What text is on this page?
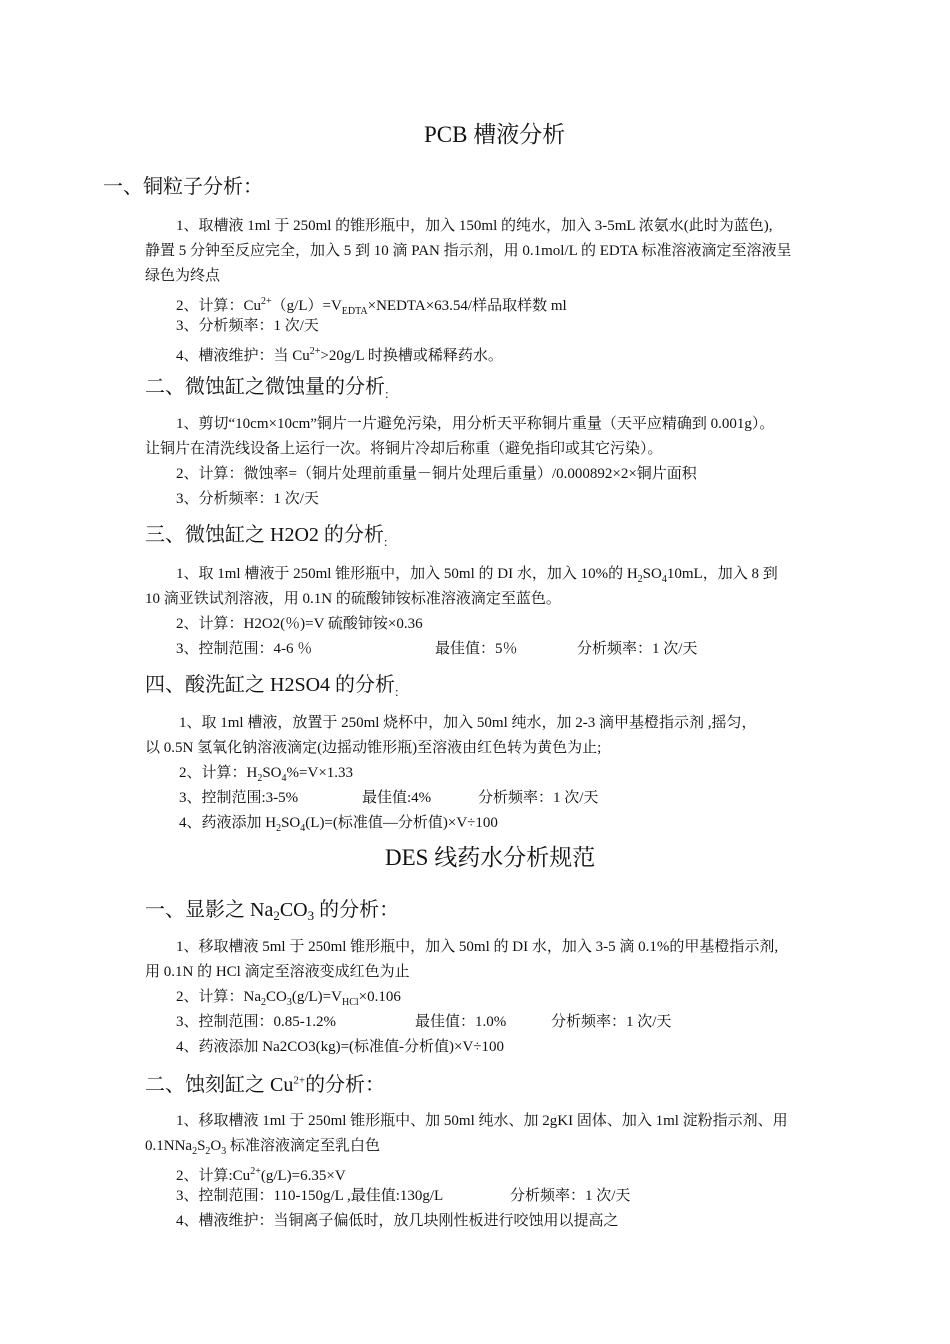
PCB 槽液分析
一、铜粒子分析：
1、取槽液 1ml 于 250ml 的锥形瓶中，加入 150ml 的纯水，加入 3-5mL 浓氨水(此时为蓝色),
静置 5 分钟至反应完全，加入 5 到 10 滴 PAN 指示剂，用 0.1mol/L 的 EDTA 标准溶液滴定至溶液呈
绿色为终点
2、计算：$Cu^{2+}(g/L)=V_{EDTA}\times NEDTA\times 63.54/$样品取样数 ml
3、分析频率：1 次/天
4、槽液维护：当 $Cu^{2+}>20g/L$ 时换槽或稀释药水。
二、微蚀缸之微蚀量的分析$_:$
1、剪切“10cm×10cm”铜片一片避免污染，用分析天平称铜片重量（天平应精确到 0.001g）。
让铜片在清洗线设备上运行一次。将铜片冷却后称重（避免指印或其它污染）。
2、计算：微蚀率=（铜片处理前重量－铜片处理后重量）/0.000892×2×铜片面积
3、分析频率：1 次/天
三、微蚀缸之 H2O2 的分析$_:$
1、取 1ml 槽液于 250ml 锥形瓶中，加入 50ml 的 DI 水，加入 10%的 $H_2SO_410mL$，加入 8 到
10 滴亚铁试剂溶液，用 0.1N 的硫酸铈铵标准溶液滴定至蓝色。
2、计算：H2O2(％)=V 硫酸铈铵×0.36
3、控制范围：4-6 ％	最佳值：5％	分析频率：1 次/天
四、酸洗缸之 H2SO4 的分析$_:$
1、取 1ml 槽液，放置于 250ml 烧杯中，加入 50ml 纯水，加 2-3 滴甲基橙指示剂 ,摇匀，
以 0.5N 氢氧化钠溶液滴定(边摇动锥形瓶)至溶液由红色转为黄色为止;
2、计算：$H_2SO_4\%=V\times 1.33$
3、控制范围:3-5%	最佳值:4%	分析频率：1 次/天
4、药液添加 $H_2SO_4(L)=$(标准值—分析值)×V÷100
DES 线药水分析规范
一、显影之 $Na_2CO_3$ 的分析：
1、移取槽液 5ml 于 250ml 锥形瓶中，加入 50ml 的 DI 水，加入 3-5 滴 0.1%的甲基橙指示剂,
用 0.1N 的 HCl 滴定至溶液变成红色为止
2、计算：$Na_2CO_3(g/L)=V_{HCl}\times 0.106$
3、控制范围：0.85-1.2%	最佳值：1.0%	分析频率：1 次/天
4、药液添加 Na2CO3(kg)=(标准值-分析值)×V÷100
二、蚀刻缸之 $Cu^{2+}$的分析：
1、移取槽液 1ml 于 250ml 锥形瓶中、加 50ml 纯水、加 2gKI 固体、加入 1ml 淀粉指示剂、用
$0.1NNa_2S_2O_3$ 标准溶液滴定至乳白色
2、计算$:Cu^{2+}(g/L)=6.35\times V$
3、控制范围：110-150g/L ,最佳值:130g/L	分析频率：1 次/天
4、槽液维护：当铜离子偏低时，放几块刚性板进行咬蚀用以提高之
